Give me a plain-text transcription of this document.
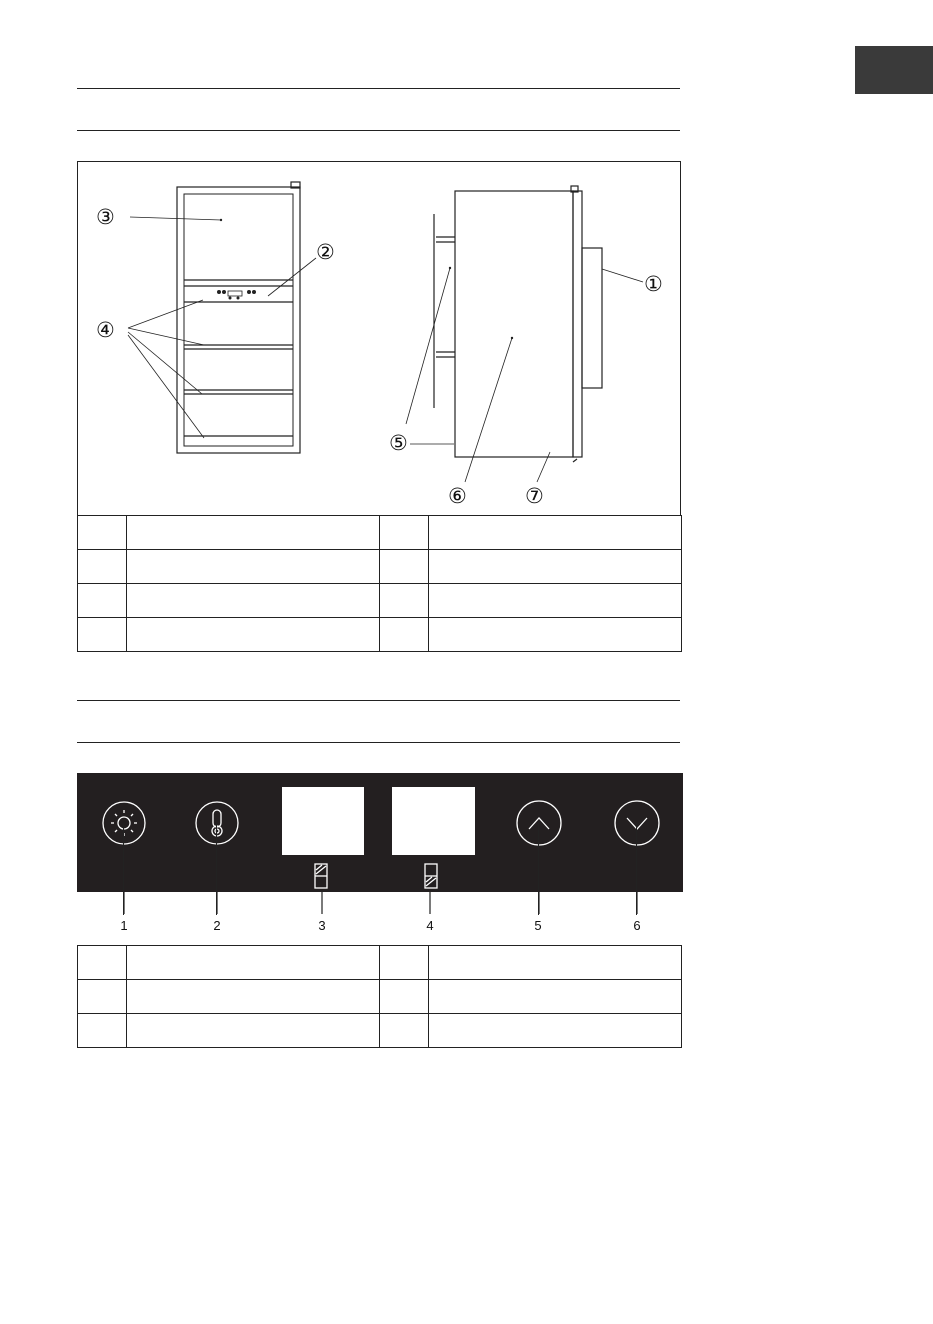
③
②
④
①
⑤
⑥	⑦

1	2	3	4	5	6
